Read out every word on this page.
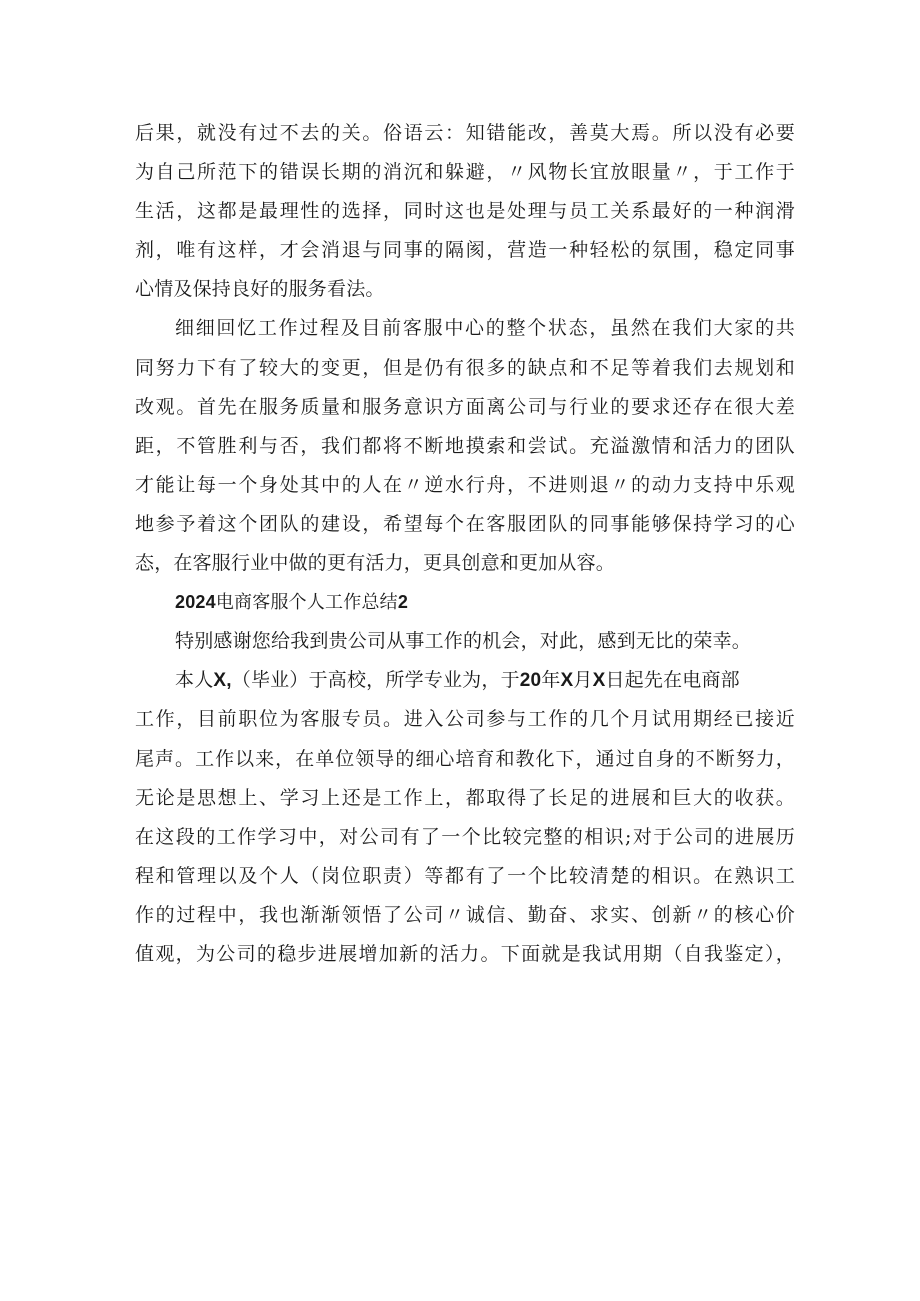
后果，就没有过不去的关。俗语云：知错能改，善莫大焉。所以没有必要
为自己所范下的错误长期的消沉和躲避，〃风物长宜放眼量〃，于工作于
生活，这都是最理性的选择，同时这也是处理与员工关系最好的一种润滑
剂，唯有这样，才会消退与同事的隔阂，营造一种轻松的氛围，稳定同事
心情及保持良好的服务看法。
细细回忆工作过程及目前客服中心的整个状态，虽然在我们大家的共
同努力下有了较大的变更，但是仍有很多的缺点和不足等着我们去规划和
改观。首先在服务质量和服务意识方面离公司与行业的要求还存在很大差
距，不管胜利与否，我们都将不断地摸索和尝试。充溢激情和活力的团队
才能让每一个身处其中的人在〃逆水行舟，不进则退〃的动力支持中乐观
地参予着这个团队的建设，希望每个在客服团队的同事能够保持学习的心
态，在客服行业中做的更有活力，更具创意和更加从容。
2024电商客服个人工作总结2
特别感谢您给我到贵公司从事工作的机会，对此，感到无比的荣幸。
本人X,（毕业）于高校，所学专业为，于20年X月X日起先在电商部
工作，目前职位为客服专员。进入公司参与工作的几个月试用期经已接近
尾声。工作以来，在单位领导的细心培育和教化下，通过自身的不断努力，
无论是思想上、学习上还是工作上，都取得了长足的进展和巨大的收获。
在这段的工作学习中，对公司有了一个比较完整的相识;对于公司的进展历
程和管理以及个人（岗位职责）等都有了一个比较清楚的相识。在熟识工
作的过程中，我也渐渐领悟了公司〃诚信、勤奋、求实、创新〃的核心价
值观，为公司的稳步进展增加新的活力。下面就是我试用期（自我鉴定），
